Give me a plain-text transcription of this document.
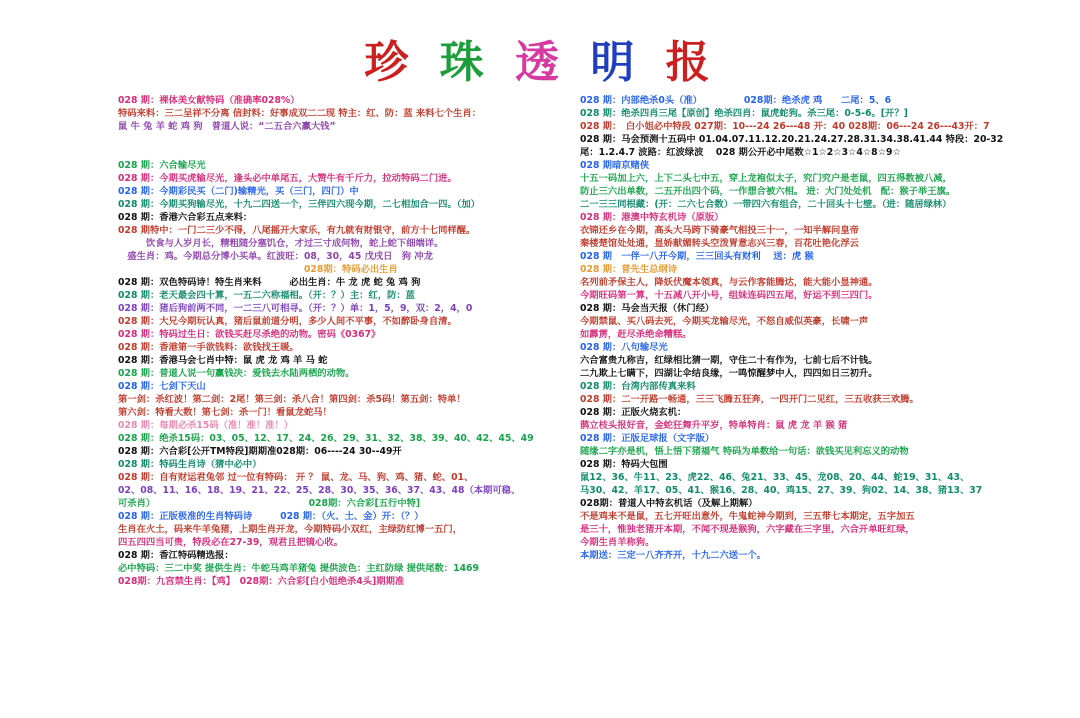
珍 珠 透 明 报
028 期：裸体美女献特码（准确率028%）
特码来料：三二呈祥不分离 信封料：好事成双二二现 特主：红、防：蓝 来料七个生肖：
鼠 牛 兔 羊 蛇 鸡 狗　普道人说：“二五合六赢大钱”
028 期：六合输尽光
028 期：今期买虎输尽光，逢头必中单尾五，大赞牛有千斤力，拉动特码二门进。
028 期：今期彩民买（二门)输精光，买（三门，四门）中
028 期：今期买狗输尽光，十九二四送一个，三伴四六现今期，二七相加合一四。（加）
028 期：香港六合彩五点来料：
028 期特中：一门二三少不得，八尾摇开大家乐，有九就有财银守，前方十七同样醒。
　　　饮食与人岁月长，精粗随分塞饥仓，才过三寸成何物，蛇上蛇下细端详。
　盛生肖：鸡。今期总分博小买单。红波旺：08，30，45 戊戌日　狗 冲龙
　　　　　　　　　　　　　　　　　　　　028期：特码必出生肖
028 期：双色特码诗！特生肖来料　　　必出生肖：牛 龙 虎 蛇 兔 鸡 狗
028 期：老天最会四十算，一五二六称福相。（开：？）主：红，防：蓝
028 期：猪后狗前两不同，一二三八可相寻。（开：？）单：1，5，9，双：2，4，0
028 期：大兄今期玩认真，猪后鼠前道分明，多少人间不平事，不如醉卧身自清。
028 期：特码过生日：欲钱买赶尽杀绝的动物。密码《0367》
028 期：香港第一手欲钱料：欲钱找王暖。
028 期：香港马会七肖中特：鼠 虎 龙 鸡 羊 马 蛇
028 期：普道人说一句赢钱决：爱钱去水陆两栖的动物。
028 期：七剑下天山
第一剑：杀红波！第二剑：2尾！第三剑：杀八合！第四剑：杀5码！第五剑：特单！
第六剑：特看大数！第七剑：杀一门！看鼠龙蛇马！
028 期：每期必杀15码（准！准！准！）
028 期：绝杀15码：03、05、12、17、24、26、29、31、32、38、39、40、42、45、49
028 期：六合彩[公开TM特段]期期准028期：06----24 30--49开
028 期：特码生肖诗（猜中必中）
028 期：自有财运君兔邻 过一位有特码： 开 ？ 鼠、龙、马、狗、鸡、猪、蛇、01、
02、08、11、16、18、19、21、22、25、28、30、35、36、37、43、48（本期可稳、
可杀肖）　　　　　　　　　　　　　　　　　028期：六合彩[五行中特]
028 期：正版极准的生肖特码诗　　　028 期：（火、土、金）开：（？）
生肖在火土，码来牛羊兔猪，上期生肖开龙，今期特码小双红，主绿防红博一五门，
四五四四当可贵，特段必在27-39，观君且把镜心收。
028 期：香江特码精选报：
必中特码：三二中奖 提供生肖：牛蛇马鸡羊猪兔 提供波色：主红防绿 提供尾数：1469
028期：九宫禁生肖：【鸡】　028期：六合彩[白小姐绝杀4头]期期准
028 期：内部绝杀0头（准）　　　　　028期：绝杀虎 鸡　　二尾：5、6
028 期：绝杀四肖三尾【原创】绝杀四肖：鼠虎蛇狗。杀三尾：0-5-6。[开？]
028 期：　白小姐必中特段 027期：10---24 26---48 开：40 028期：06---24 26---43开：7
028 期：马会预测十五码中 01.04.07.11.12.20.21.24.27.28.31.34.38.41.44 特段：20-32
尾：1.2.4.7 波路：红波绿波　 028 期公开必中尾数☆1☆2☆3☆4☆8☆9☆
028 期暗京赌侠
十五一码加上六，上下二头七中五，穿上龙袍似太子，究门究户是老鼠，四五得数被八减，
防止三六出单数，二五开出四个码，一作想合被六相。 进：大门处处机　配：猴子举王旗。
二一三三同根藏：(开：二六七合数）一带四六有组合，二十回头十七壁。（进：随居绿林）
028 期：港澳中特玄机诗（原版）
衣锦还乡在今期，高头大马跨下骑豪气相投三十一，一知半解问皇帝
秦楼楚馆处处通，显娇献媚转头空泼胃意志兴三春，百花吐艳化浮云
028 期　一伴一八开今期，三三回头有财利　 送：虎 猴
028 期：普先生总纲诗
名列前矛保主人，降妖伏魔本领真，与云作客能腾达，能大能小显神通。
今期旺码第一算，十五减八开小号，组妹连码四五尾，好运不到三四门。
028 期：马会当天报（休门经）
今期禁鼠、买八码去死，今期买龙输尽光，不怒自威似英豪，长啸一声
如霹雳，赶尽杀绝命糟糕。
028 期：八句输尽光
六合富贵九称吉，红绿相比猜一期，守住二十有作为，七前七后不计钱。
二九欺上七瞒下，四湖让伞结良缘，一鸣惊醒梦中人，四四如日三初升。
028 期：台湾内部传真来料
028 期：二一开路一畅通，三三飞腾五狂奔，一四开门二见红，三五收获三欢腾。
028 期：正版火烧玄机：
鹊立枝头报好音，金蛇狂舞升平岁，特单特肖：鼠 虎 龙 羊 猴 猪
028 期：正版足球报（文字版）
随缘二字亦是机，悟上悟下猪福气 特码为单数给一句话：欲钱买见利忘义的动物
028 期：特码大包围
鼠12、36、牛11、23、虎22、46、兔21、33、45、龙08、20、44、蛇19、31、43、
马30、42、羊17、05、41、猴16、28、40、鸡15、27、39、狗02、14、38、猪13、37
028期：普道人中特玄机话（及解上期解）
不是鸡来不是鼠，五七开旺出意外，牛鬼蛇神今期到，三五带七本期定，五字加五
是三十，惟独老猪开本期，不闻不现是猴狗，六字藏在三字里，六合开单旺红绿，
今期生肖羊称狗。
本期送：三定一八齐齐开，十九二六送一个。
